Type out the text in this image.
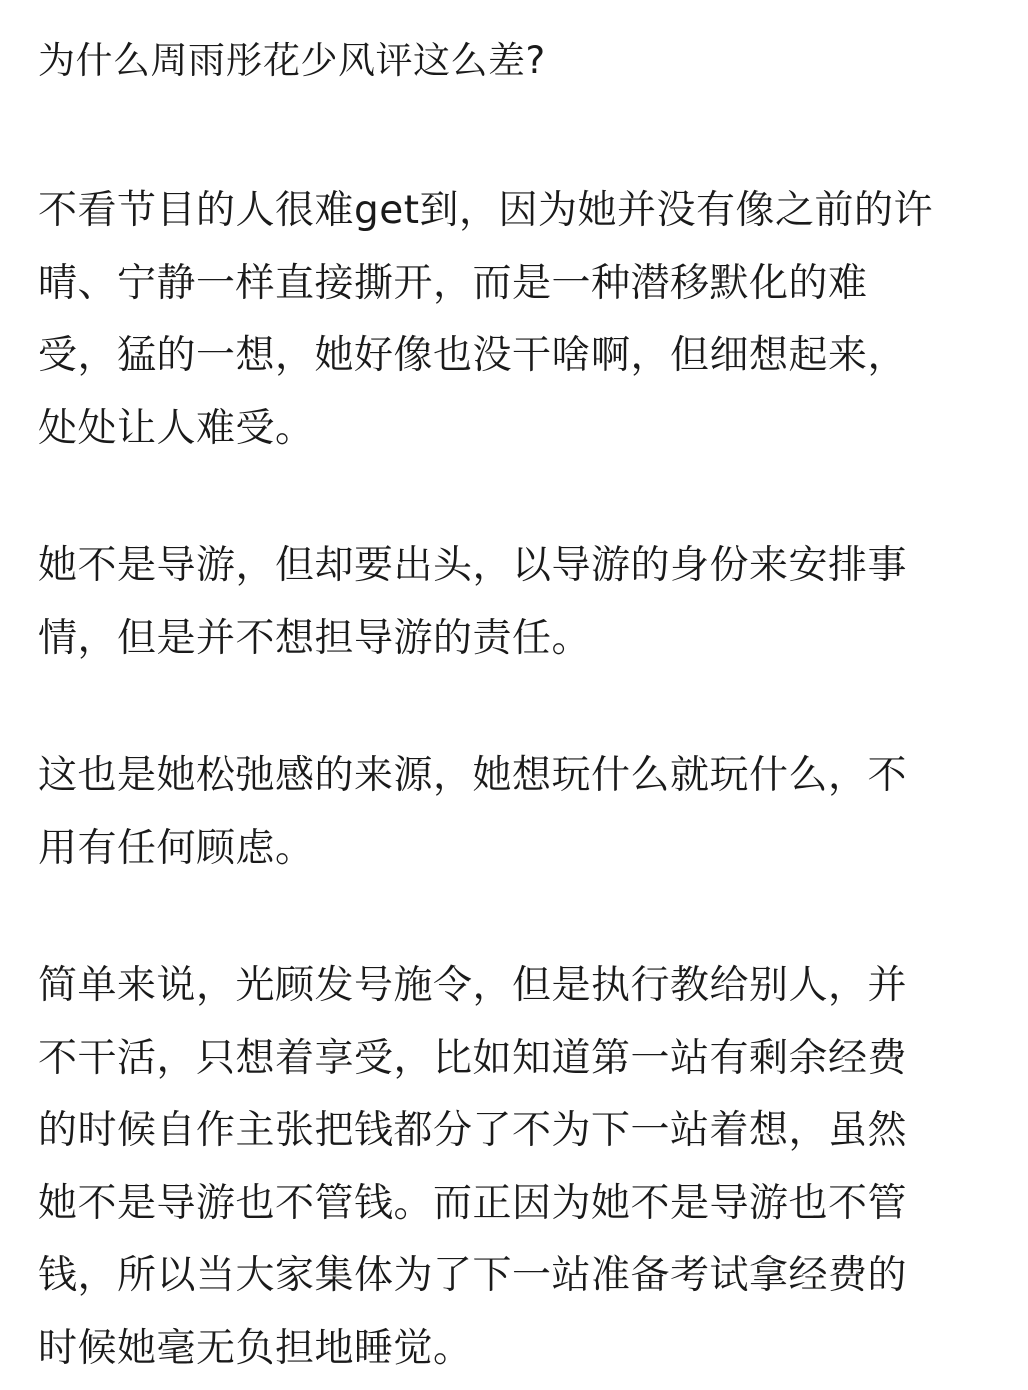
为什么周雨彤花少风评这么差?

不看节目的人很难get到，因为她并没有像之前的许
晴、宁静一样直接撕开，而是一种潜移默化的难
受，猛的一想，她好像也没干啥啊，但细想起来，
处处让人难受。

她不是导游，但却要出头，以导游的身份来安排事
情，但是并不想担导游的责任。

这也是她松弛感的来源，她想玩什么就玩什么，不
用有任何顾虑。

简单来说，光顾发号施令，但是执行教给别人，并
不干活，只想着享受，比如知道第一站有剩余经费
的时候自作主张把钱都分了不为下一站着想，虽然
她不是导游也不管钱。而正因为她不是导游也不管
钱，所以当大家集体为了下一站准备考试拿经费的
时候她毫无负担地睡觉。
